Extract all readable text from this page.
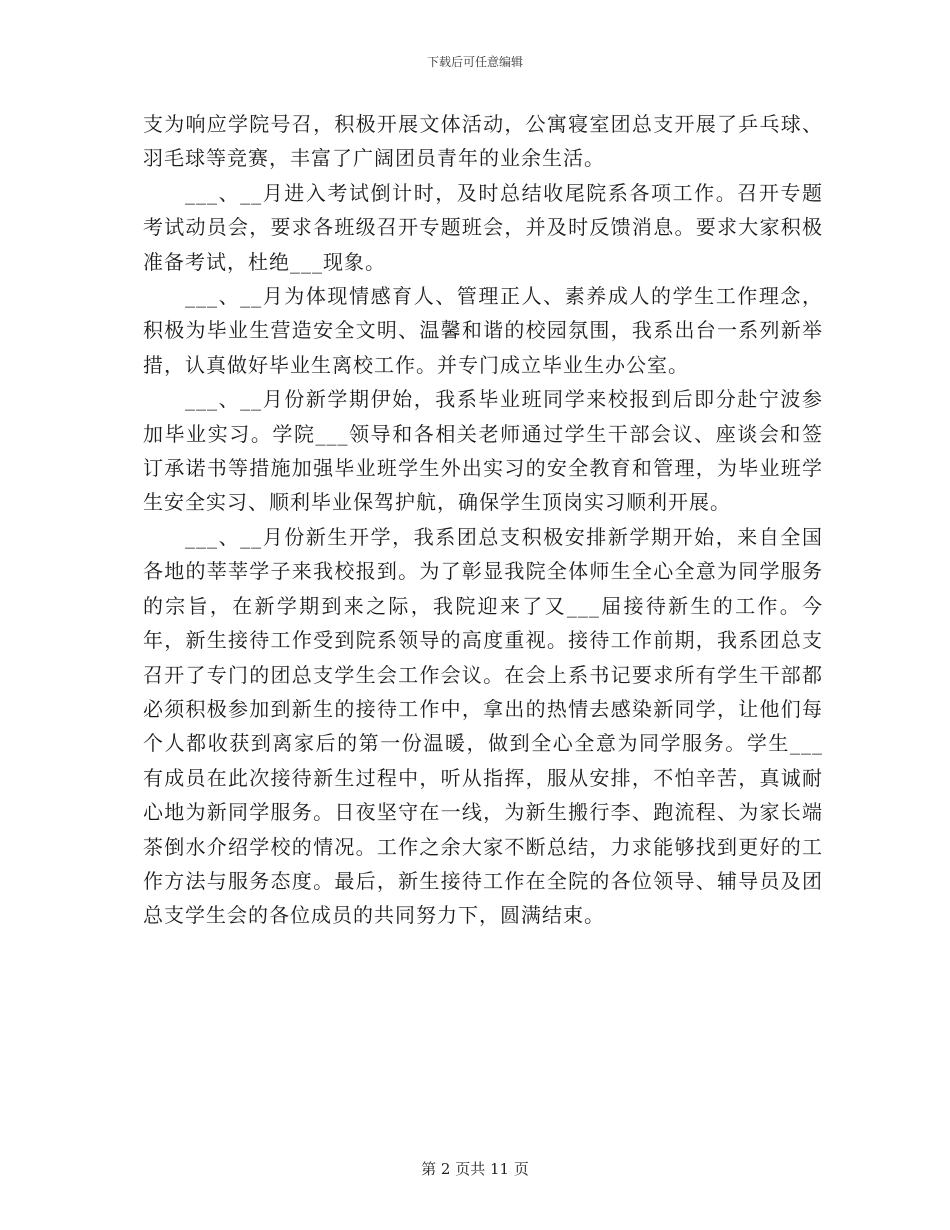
下载后可任意编辑

支为响应学院号召，积极开展文体活动，公寓寝室团总支开展了乒乓球、羽毛球等竞赛，丰富了广阔团员青年的业余生活。

___、__月进入考试倒计时，及时总结收尾院系各项工作。召开专题考试动员会，要求各班级召开专题班会，并及时反馈消息。要求大家积极准备考试，杜绝___现象。

___、__月为体现情感育人、管理正人、素养成人的学生工作理念，积极为毕业生营造安全文明、温馨和谐的校园氛围，我系出台一系列新举措，认真做好毕业生离校工作。并专门成立毕业生办公室。

___、__月份新学期伊始，我系毕业班同学来校报到后即分赴宁波参加毕业实习。学院___领导和各相关老师通过学生干部会议、座谈会和签订承诺书等措施加强毕业班学生外出实习的安全教育和管理，为毕业班学生安全实习、顺利毕业保驾护航，确保学生顶岗实习顺利开展。

___、__月份新生开学，我系团总支积极安排新学期开始，来自全国各地的莘莘学子来我校报到。为了彰显我院全体师生全心全意为同学服务的宗旨，在新学期到来之际，我院迎来了又___届接待新生的工作。今年，新生接待工作受到院系领导的高度重视。接待工作前期，我系团总支召开了专门的团总支学生会工作会议。在会上系书记要求所有学生干部都必须积极参加到新生的接待工作中，拿出的热情去感染新同学，让他们每个人都收获到离家后的第一份温暖，做到全心全意为同学服务。学生___有成员在此次接待新生过程中，听从指挥，服从安排，不怕辛苦，真诚耐心地为新同学服务。日夜坚守在一线，为新生搬行李、跑流程、为家长端茶倒水介绍学校的情况。工作之余大家不断总结，力求能够找到更好的工作方法与服务态度。最后，新生接待工作在全院的各位领导、辅导员及团总支学生会的各位成员的共同努力下，圆满结束。

第 2 页共 11 页
